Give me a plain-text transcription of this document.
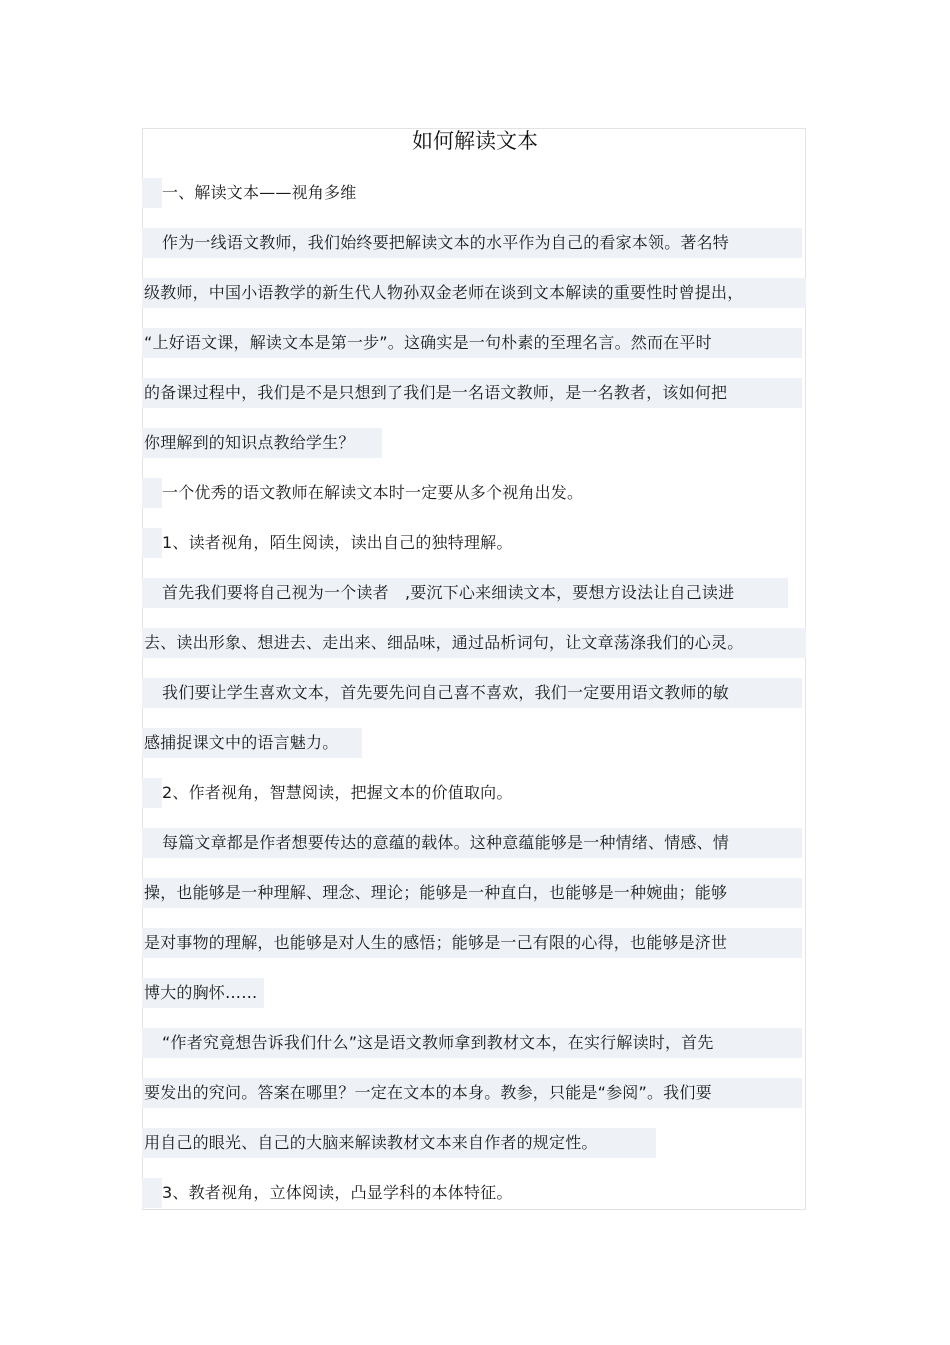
如何解读文本
一、解读文本——视角多维
作为一线语文教师，我们始终要把解读文本的水平作为自己的看家本领。著名特
级教师，中国小语教学的新生代人物孙双金老师在谈到文本解读的重要性时曾提出，
“上好语文课，解读文本是第一步”。这确实是一句朴素的至理名言。然而在平时
的备课过程中，我们是不是只想到了我们是一名语文教师，是一名教者，该如何把
你理解到的知识点教给学生？
一个优秀的语文教师在解读文本时一定要从多个视角出发。
1、读者视角，陌生阅读，读出自己的独特理解。
首先我们要将自己视为一个读者　,要沉下心来细读文本，要想方设法让自己读进
去、读出形象、想进去、走出来、细品味，通过品析词句，让文章荡涤我们的心灵。
我们要让学生喜欢文本，首先要先问自己喜不喜欢，我们一定要用语文教师的敏
感捕捉课文中的语言魅力。
2、作者视角，智慧阅读，把握文本的价值取向。
每篇文章都是作者想要传达的意蕴的载体。这种意蕴能够是一种情绪、情感、情
操，也能够是一种理解、理念、理论；能够是一种直白，也能够是一种婉曲；能够
是对事物的理解，也能够是对人生的感悟；能够是一己有限的心得，也能够是济世
博大的胸怀……
“作者究竟想告诉我们什么”这是语文教师拿到教材文本，在实行解读时，首先
要发出的究问。答案在哪里？一定在文本的本身。教参，只能是“参阅”。我们要
用自己的眼光、自己的大脑来解读教材文本来自作者的规定性。
3、教者视角，立体阅读，凸显学科的本体特征。
